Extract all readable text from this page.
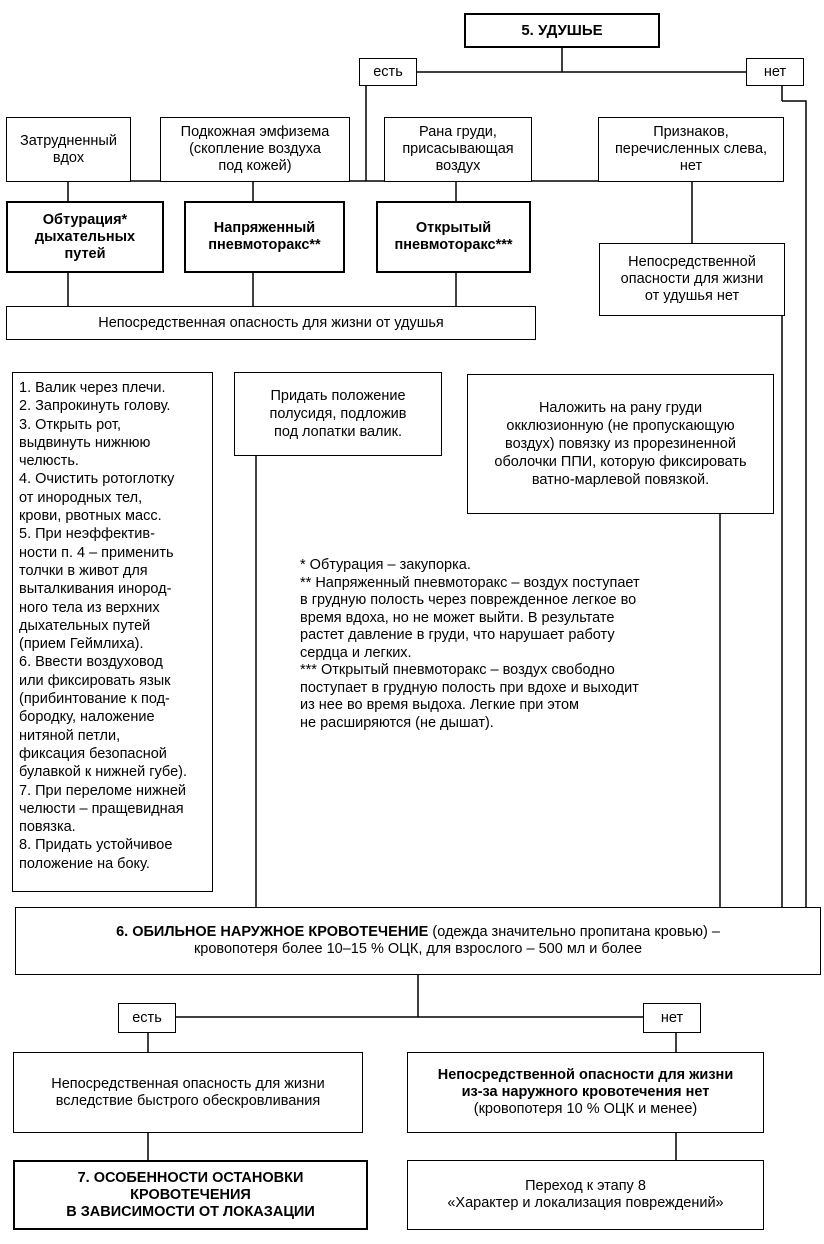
5. УДУШЬЕ
есть	нет
Затрудненный вдох
Подкожная эмфизема
(скопление воздуха
под кожей)
Рана груди,
присасывающая
воздух
Признаков,
перечисленных слева,
нет
Обтурация*
дыхательных
путей
Напряженный
пневмоторакс**
Открытый
пневмоторакс***
Непосредственная опасность для жизни от удушья
Непосредственной
опасности для жизни
от удушья нет
1. Валик через плечи.
2. Запрокинуть голову.
3. Открыть рот,
выдвинуть нижнюю
челюсть.
4. Очистить ротоглотку
от инородных тел,
крови, рвотных масс.
5. При неэффектив-
ности п. 4 – применить
толчки в живот для
выталкивания инород-
ного тела из верхних
дыхательных путей
(прием Геймлиха).
6. Ввести воздуховод
или фиксировать язык
(прибинтование к под-
бородку, наложение
нитяной петли,
фиксация безопасной
булавкой к нижней губе).
7. При переломе нижней
челюсти – пращевидная
повязка.
8. Придать устойчивое
положение на боку.
Придать положение
полусидя, подложив
под лопатки валик.
Наложить на рану груди
окклюзионную (не пропускающую
воздух) повязку из прорезиненной
оболочки ППИ, которую фиксировать
ватно-марлевой повязкой.
* Обтурация – закупорка.
** Напряженный пневмоторакс – воздух поступает
в грудную полость через поврежденное легкое во
время вдоха, но не может выйти. В результате
растет давление в груди, что нарушает работу
сердца и легких.
*** Открытый пневмоторакс – воздух свободно
поступает в грудную полость при вдохе и выходит
из нее во время выдоха. Легкие при этом
не расширяются (не дышат).
6. ОБИЛЬНОЕ НАРУЖНОЕ КРОВОТЕЧЕНИЕ (одежда значительно пропитана кровью) –
кровопотеря более 10–15 % ОЦК, для взрослого – 500 мл и более
есть	нет
Непосредственная опасность для жизни
вследствие быстрого обескровливания
Непосредственной опасности для жизни
из-за наружного кровотечения нет
(кровопотеря 10 % ОЦК и менее)
7. ОСОБЕННОСТИ ОСТАНОВКИ
КРОВОТЕЧЕНИЯ
В ЗАВИСИМОСТИ ОТ ЛОКАЗАЦИИ
Переход к этапу 8
«Характер и локализация повреждений»
